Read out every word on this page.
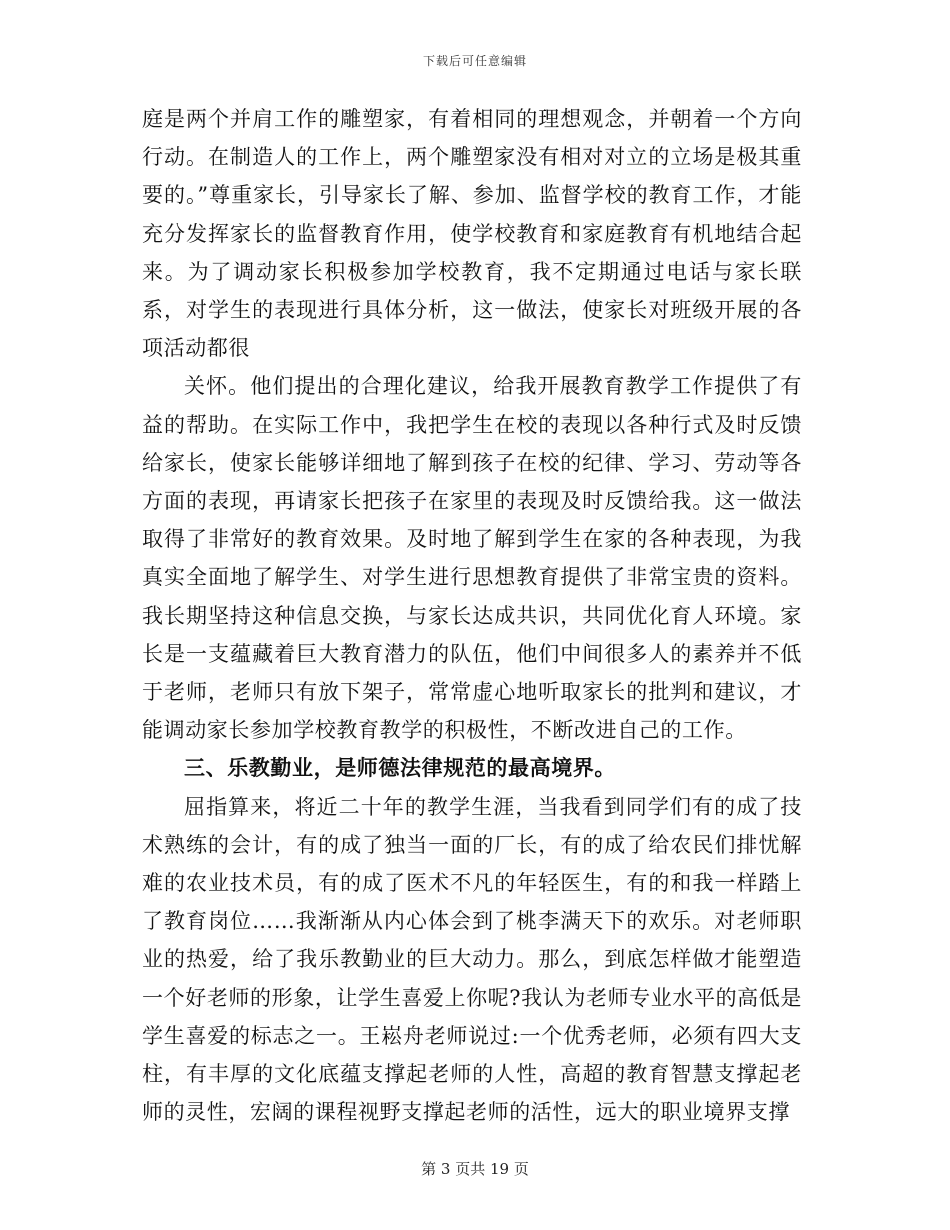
下载后可任意编辑

庭是两个并肩工作的雕塑家，有着相同的理想观念，并朝着一个方向行动。在制造人的工作上，两个雕塑家没有相对对立的立场是极其重要的。”尊重家长，引导家长了解、参加、监督学校的教育工作，才能充分发挥家长的监督教育作用，使学校教育和家庭教育有机地结合起来。为了调动家长积极参加学校教育，我不定期通过电话与家长联系，对学生的表现进行具体分析，这一做法，使家长对班级开展的各项活动都很

关怀。他们提出的合理化建议，给我开展教育教学工作提供了有益的帮助。在实际工作中，我把学生在校的表现以各种行式及时反馈给家长，使家长能够详细地了解到孩子在校的纪律、学习、劳动等各方面的表现，再请家长把孩子在家里的表现及时反馈给我。这一做法取得了非常好的教育效果。及时地了解到学生在家的各种表现，为我真实全面地了解学生、对学生进行思想教育提供了非常宝贵的资料。我长期坚持这种信息交换，与家长达成共识，共同优化育人环境。家长是一支蕴藏着巨大教育潜力的队伍，他们中间很多人的素养并不低于老师，老师只有放下架子，常常虚心地听取家长的批判和建议，才能调动家长参加学校教育教学的积极性，不断改进自己的工作。

三、乐教勤业，是师德法律规范的最高境界。

屈指算来，将近二十年的教学生涯，当我看到同学们有的成了技术熟练的会计，有的成了独当一面的厂长，有的成了给农民们排忧解难的农业技术员，有的成了医术不凡的年轻医生，有的和我一样踏上了教育岗位……我渐渐从内心体会到了桃李满天下的欢乐。对老师职业的热爱，给了我乐教勤业的巨大动力。那么，到底怎样做才能塑造一个好老师的形象，让学生喜爱上你呢?我认为老师专业水平的高低是学生喜爱的标志之一。王崧舟老师说过:一个优秀老师，必须有四大支柱，有丰厚的文化底蕴支撑起老师的人性，高超的教育智慧支撑起老师的灵性，宏阔的课程视野支撑起老师的活性，远大的职业境界支撑

第 3 页共 19 页
